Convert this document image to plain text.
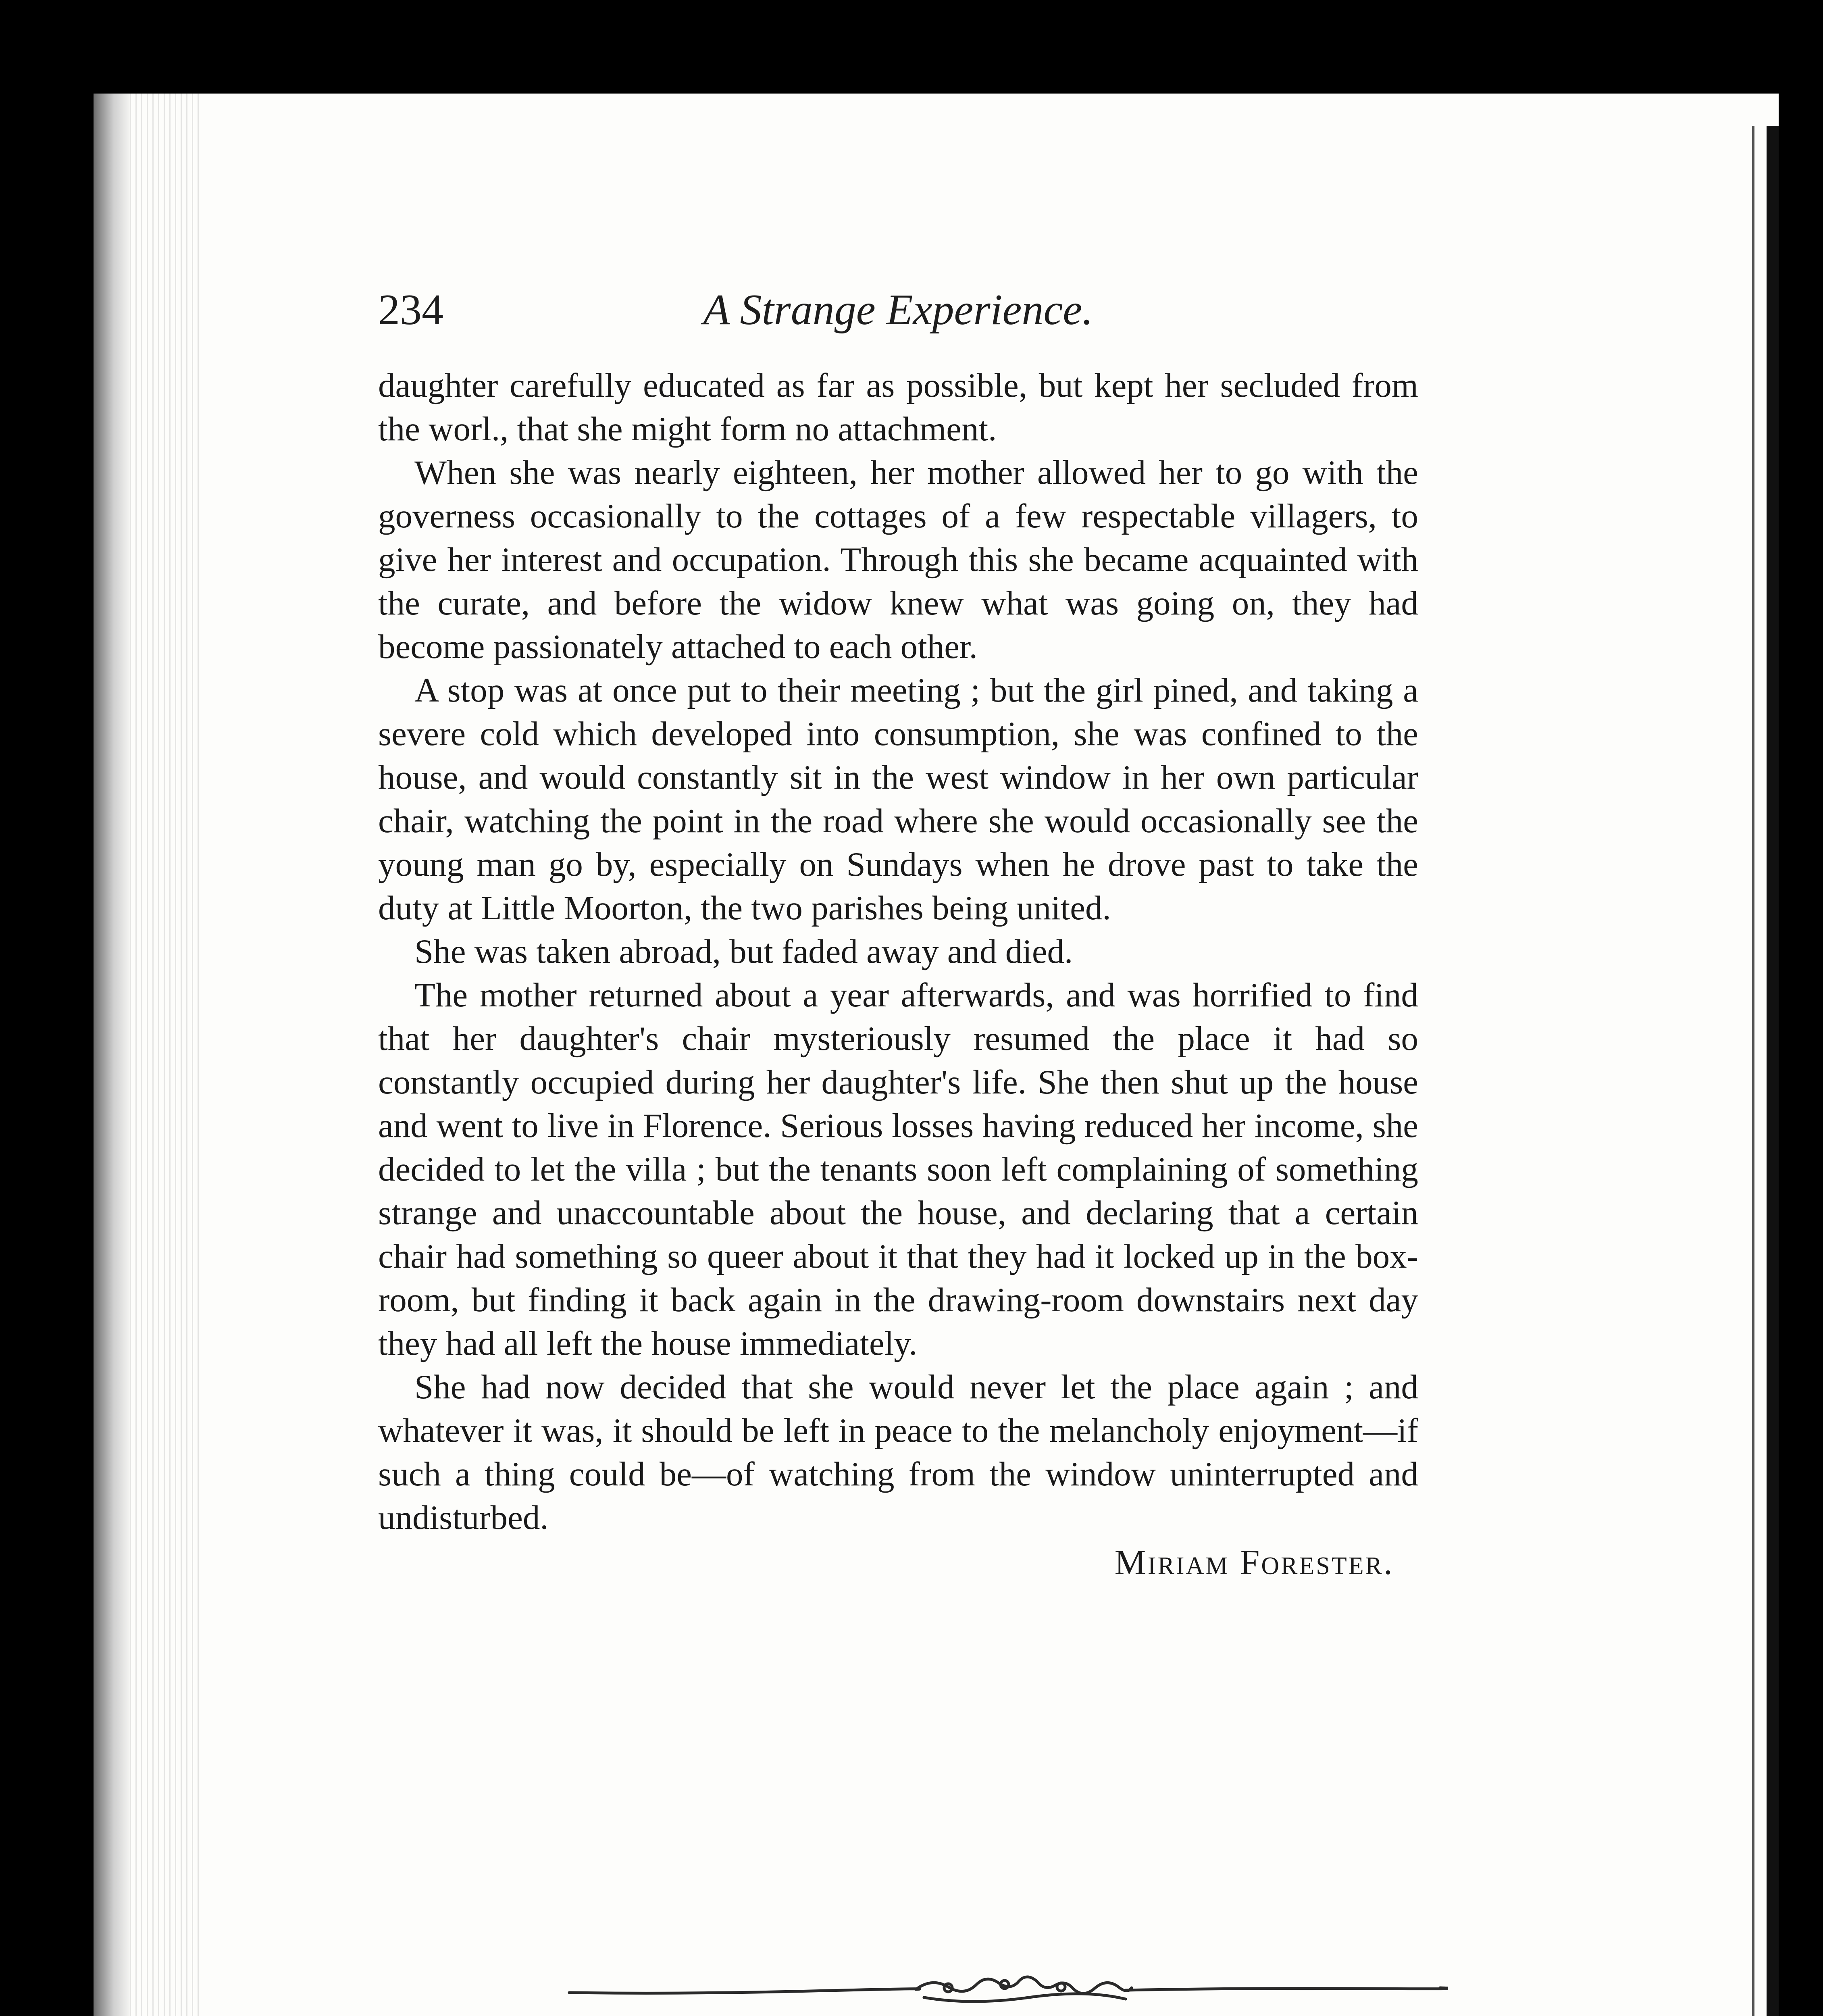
234	A Strange Experience.

daughter carefully educated as far as possible, but kept her secluded from the worl., that she might form no attachment.

When she was nearly eighteen, her mother allowed her to go with the governess occasionally to the cottages of a few respectable villagers, to give her interest and occupation. Through this she became acquainted with the curate, and before the widow knew what was going on, they had become passionately attached to each other.

A stop was at once put to their meeting ; but the girl pined, and taking a severe cold which developed into consumption, she was confined to the house, and would constantly sit in the west window in her own particular chair, watching the point in the road where she would occasionally see the young man go by, especially on Sundays when he drove past to take the duty at Little Moorton, the two parishes being united.

She was taken abroad, but faded away and died.

The mother returned about a year afterwards, and was horrified to find that her daughter's chair mysteriously resumed the place it had so constantly occupied during her daughter's life. She then shut up the house and went to live in Florence. Serious losses having reduced her income, she decided to let the villa ; but the tenants soon left complaining of something strange and unaccountable about the house, and declaring that a certain chair had something so queer about it that they had it locked up in the box-room, but finding it back again in the drawing-room downstairs next day they had all left the house immediately.

She had now decided that she would never let the place again ; and whatever it was, it should be left in peace to the melancholy enjoyment—if such a thing could be—of watching from the window uninterrupted and undisturbed.

Miriam Forester.
